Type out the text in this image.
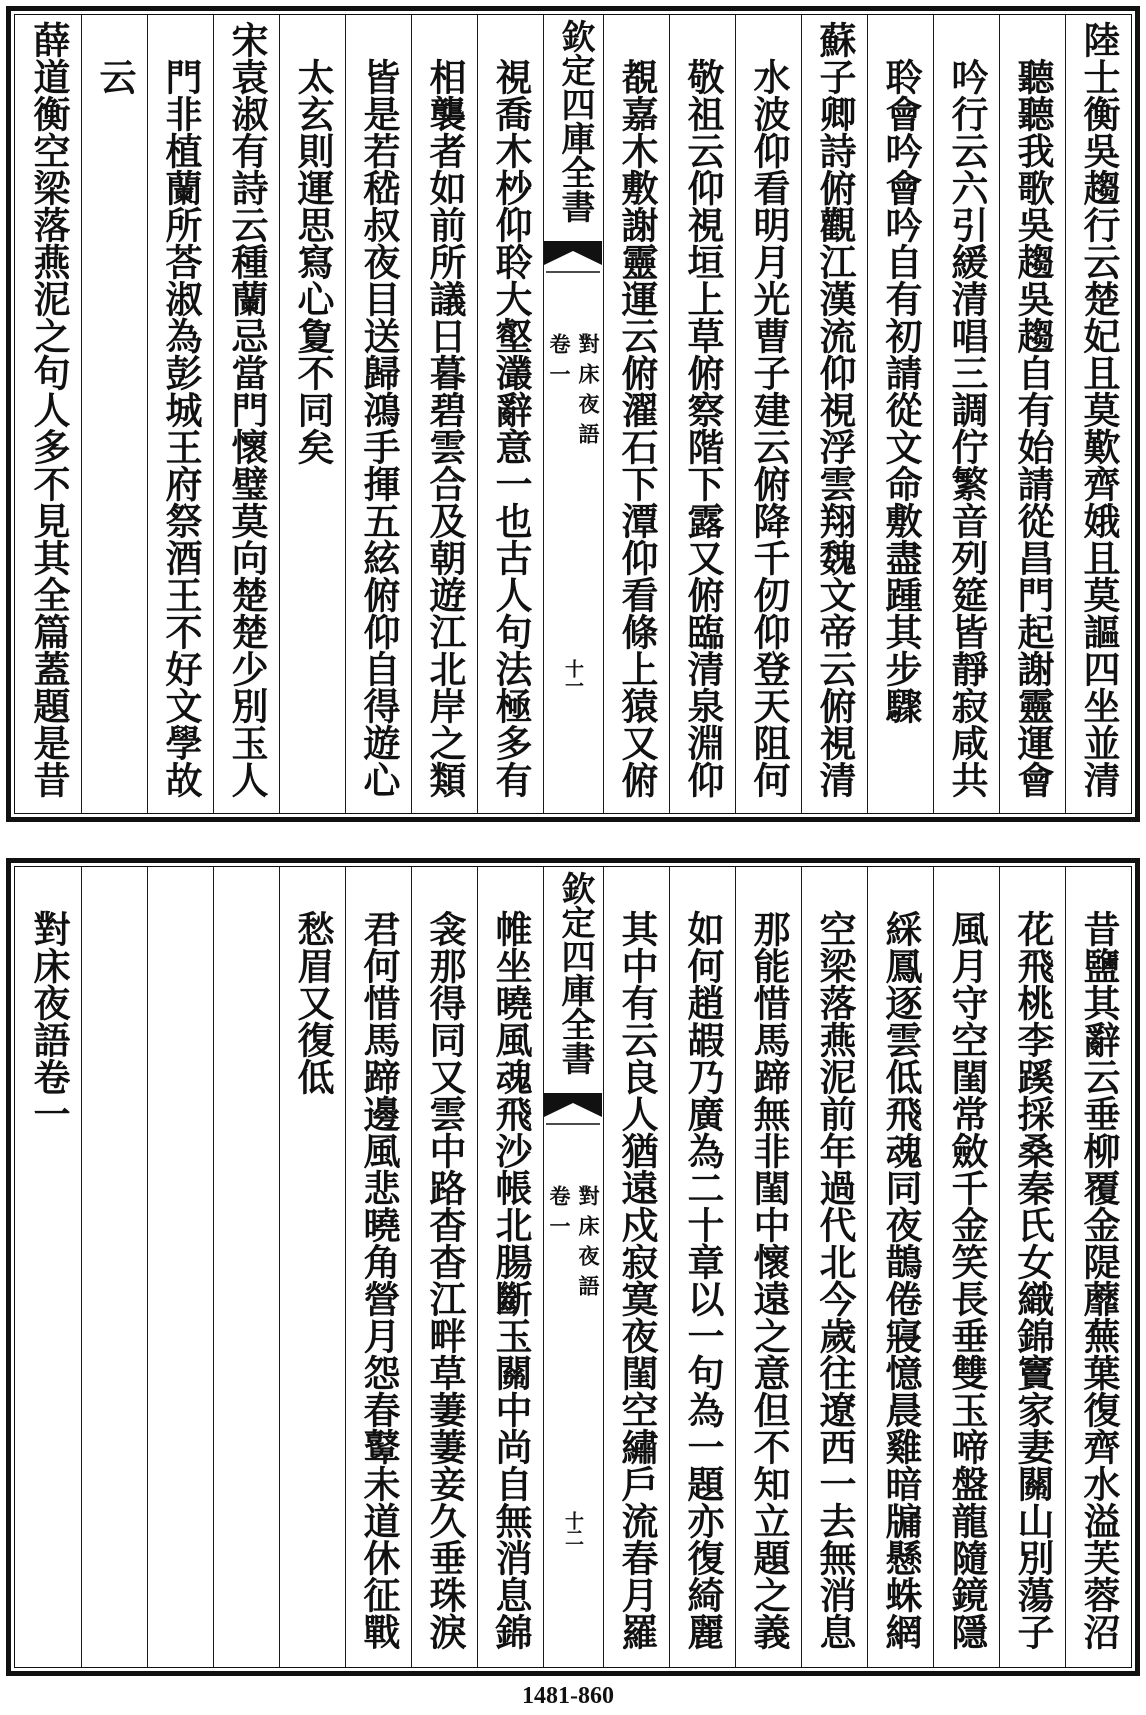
陸士衡吳趨行云楚妃且莫歎齊娥且莫謳四坐並清
聽聽我歌吳趨吳趨自有始請從昌門起謝靈運會
吟行云六引緩清唱三調佇繁音列筵皆靜寂咸共
聆會吟會吟自有初請從文命敷盡踵其步驟
蘇子卿詩俯觀江漢流仰視浮雲翔魏文帝云俯視清
水波仰看明月光曹子建云俯降千仞仰登天阻何
敬祖云仰視垣上草俯察階下露又俯臨清泉淵仰
覩嘉木敷謝靈運云俯濯石下潭仰看條上猿又俯
欽定四庫全書
對床夜語
卷一
十一
視喬木杪仰聆大壑灇辭意一也古人句法極多有
相襲者如前所議日暮碧雲合及朝遊江北岸之類
皆是若嵇叔夜目送歸鴻手揮五絃俯仰自得遊心
太玄則運思寫心夐不同矣
宋袁淑有詩云種蘭忌當門懷璧莫向楚楚少別玉人
門非植蘭所荅淑為彭城王府祭酒王不好文學故
云
薛道衡空梁落燕泥之句人多不見其全篇蓋題是昔
昔鹽其辭云垂柳覆金隄蘼蕪葉復齊水溢芙蓉沼
花飛桃李蹊採桑秦氏女織錦竇家妻關山別蕩子
風月守空閨常斂千金笑長垂雙玉啼盤龍隨鏡隱
綵鳳逐雲低飛魂同夜鵲倦寢憶晨雞暗牖懸蛛網
空梁落燕泥前年過代北今歲往遼西一去無消息
那能惜馬蹄無非閨中懷遠之意但不知立題之義
如何趙嘏乃廣為二十章以一句為一題亦復綺麗
其中有云良人猶遠戍寂寞夜閨空繡戶流春月羅
欽定四庫全書
對床夜語
卷一
十二
帷坐曉風魂飛沙帳北腸斷玉關中尚自無消息錦
衾那得同又雲中路杳杳江畔草萋萋妾久垂珠淚
君何惜馬蹄邊風悲曉角營月怨春鼙未道休征戰
愁眉又復低
對床夜語卷一
1481-860
